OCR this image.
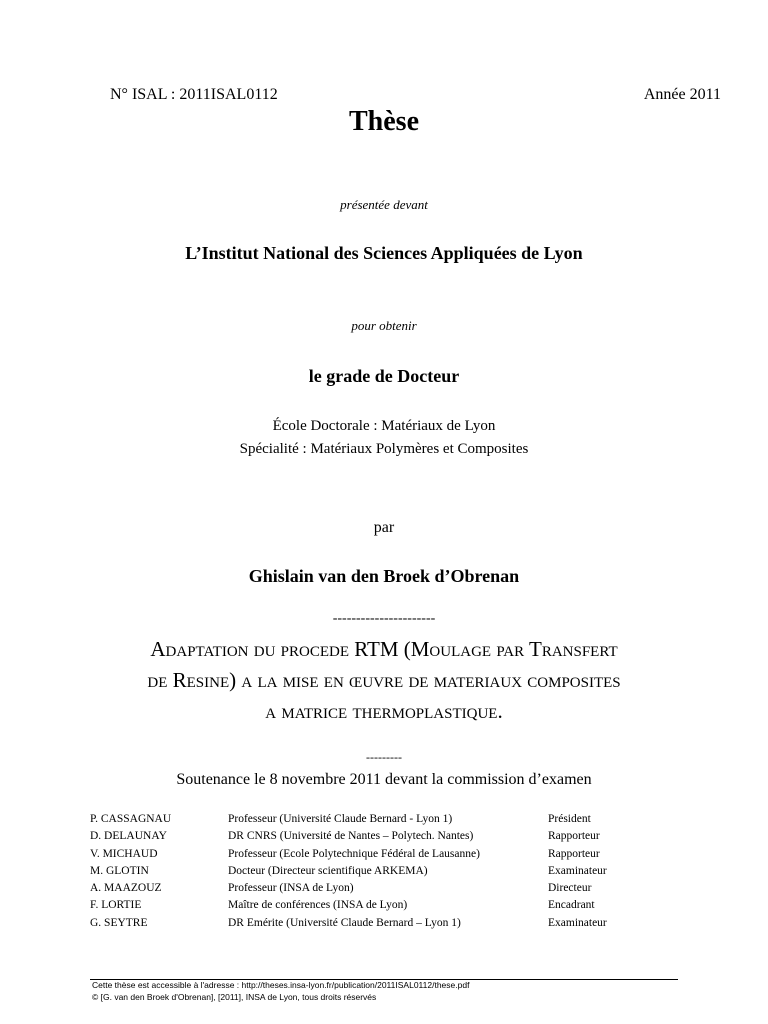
N° ISAL : 2011ISAL0112	Année 2011
Thèse
présentée devant
L’Institut National des Sciences Appliquées de Lyon
pour obtenir
le grade de Docteur
École Doctorale : Matériaux de Lyon
Spécialité : Matériaux Polymères et Composites
par
Ghislain van den Broek d’Obrenan
----------------------
Adaptation du procede RTM (Moulage par Transfert
de Resine) a la mise en œuvre de materiaux composites
a matrice thermoplastique.
---------
Soutenance le 8 novembre 2011 devant la commission d’examen
P. CASSAGNAU	Professeur (Université Claude Bernard - Lyon 1)	Président
D. DELAUNAY	DR CNRS (Université de Nantes – Polytech. Nantes)	Rapporteur
V. MICHAUD	Professeur (Ecole Polytechnique Fédéral de Lausanne)	Rapporteur
M. GLOTIN	Docteur (Directeur scientifique ARKEMA)	Examinateur
A. MAAZOUZ	Professeur (INSA de Lyon)	Directeur
F. LORTIE	Maître de conférences (INSA de Lyon)	Encadrant
G. SEYTRE	DR Emérite (Université Claude Bernard – Lyon 1)	Examinateur
Cette thèse est accessible à l'adresse : http://theses.insa-lyon.fr/publication/2011ISAL0112/these.pdf
© [G. van den Broek d'Obrenan], [2011], INSA de Lyon, tous droits réservés
